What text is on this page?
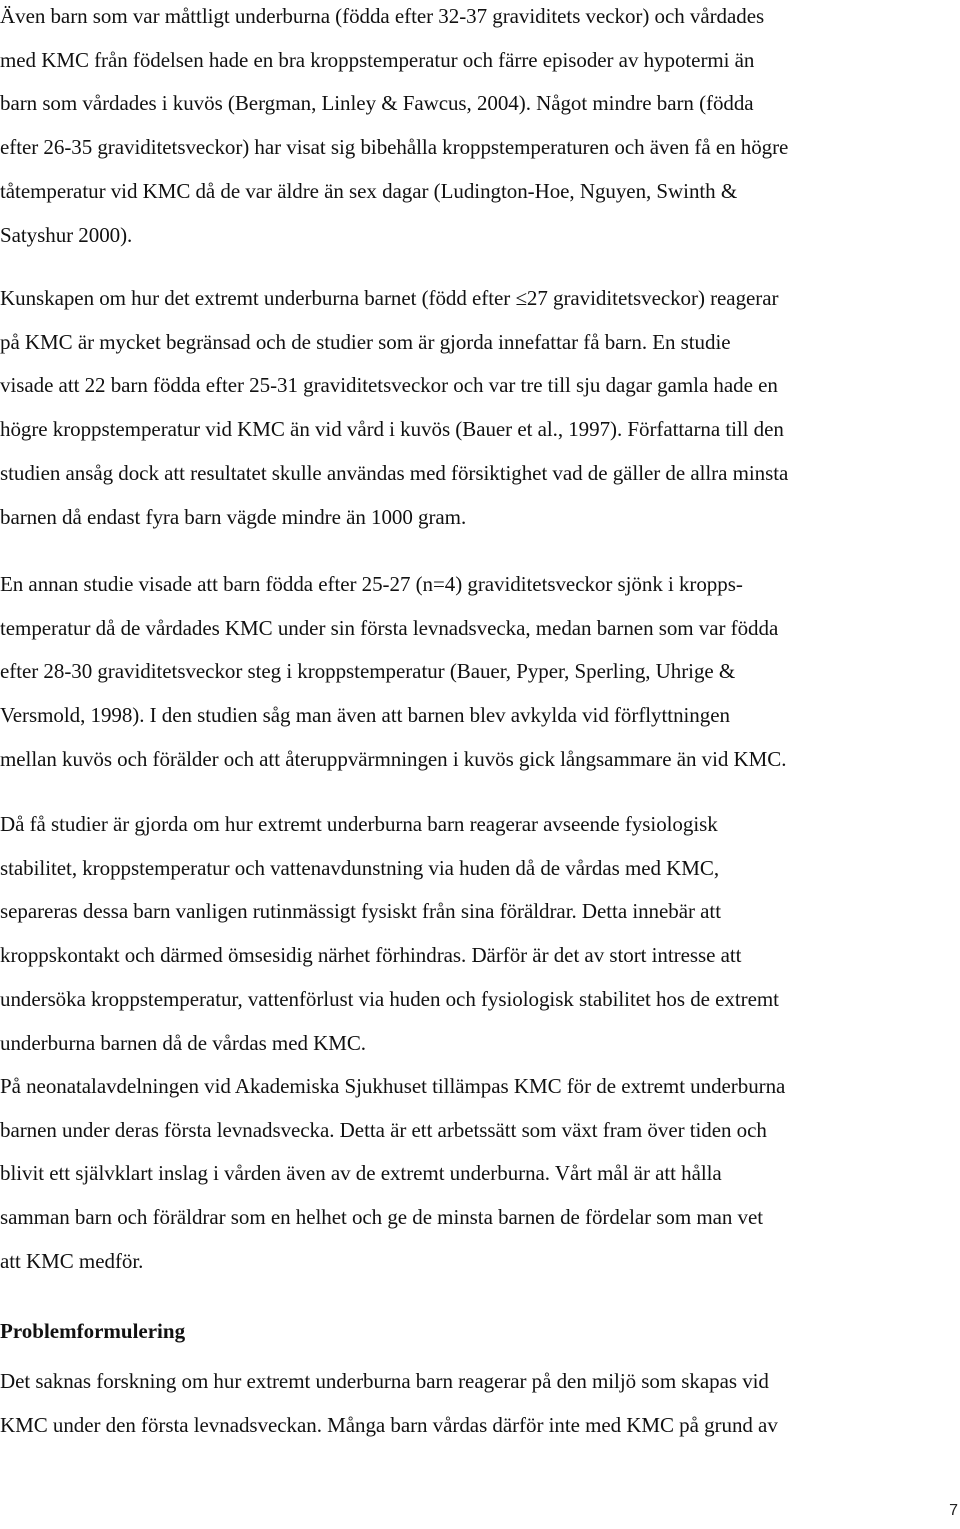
Även barn som var måttligt underburna (födda efter 32-37 graviditets veckor) och vårdades
med KMC från födelsen hade en bra kroppstemperatur och färre episoder av hypotermi än
barn som vårdades i kuvös (Bergman, Linley & Fawcus, 2004). Något mindre barn (födda
efter 26-35 graviditetsveckor) har visat sig bibehålla kroppstemperaturen och även få en högre
tåtemperatur vid KMC då de var äldre än sex dagar (Ludington-Hoe, Nguyen, Swinth &
Satyshur 2000).

Kunskapen om hur det extremt underburna barnet (född efter ≤27 graviditetsveckor) reagerar
på KMC är mycket begränsad och de studier som är gjorda innefattar få barn. En studie
visade att 22 barn födda efter 25-31 graviditetsveckor och var tre till sju dagar gamla hade en
högre kroppstemperatur vid KMC än vid vård i kuvös (Bauer et al., 1997). Författarna till den
studien ansåg dock att resultatet skulle användas med försiktighet vad de gäller de allra minsta
barnen då endast fyra barn vägde mindre än 1000 gram.

En annan studie visade att barn födda efter 25-27 (n=4) graviditetsveckor sjönk i kropps-
temperatur då de vårdades KMC under sin första levnadsvecka, medan barnen som var födda
efter 28-30 graviditetsveckor steg i kroppstemperatur (Bauer, Pyper, Sperling, Uhrige &
Versmold, 1998). I den studien såg man även att barnen blev avkylda vid förflyttningen
mellan kuvös och förälder och att återuppvärmningen i kuvös gick långsammare än vid KMC.

Då få studier är gjorda om hur extremt underburna barn reagerar avseende fysiologisk
stabilitet, kroppstemperatur och vattenavdunstning via huden då de vårdas med KMC,
separeras dessa barn vanligen rutinmässigt fysiskt från sina föräldrar. Detta innebär att
kroppskontakt och därmed ömsesidig närhet förhindras. Därför är det av stort intresse att
undersöka kroppstemperatur, vattenförlust via huden och fysiologisk stabilitet hos de extremt
underburna barnen då de vårdas med KMC.

På neonatalavdelningen vid Akademiska Sjukhuset tillämpas KMC för de extremt underburna
barnen under deras första levnadsvecka. Detta är ett arbetssätt som växt fram över tiden och
blivit ett självklart inslag i vården även av de extremt underburna. Vårt mål är att hålla
samman barn och föräldrar som en helhet och ge de minsta barnen de fördelar som man vet
att KMC medför.

Problemformulering

Det saknas forskning om hur extremt underburna barn reagerar på den miljö som skapas vid
KMC under den första levnadsveckan. Många barn vårdas därför inte med KMC på grund av

7
